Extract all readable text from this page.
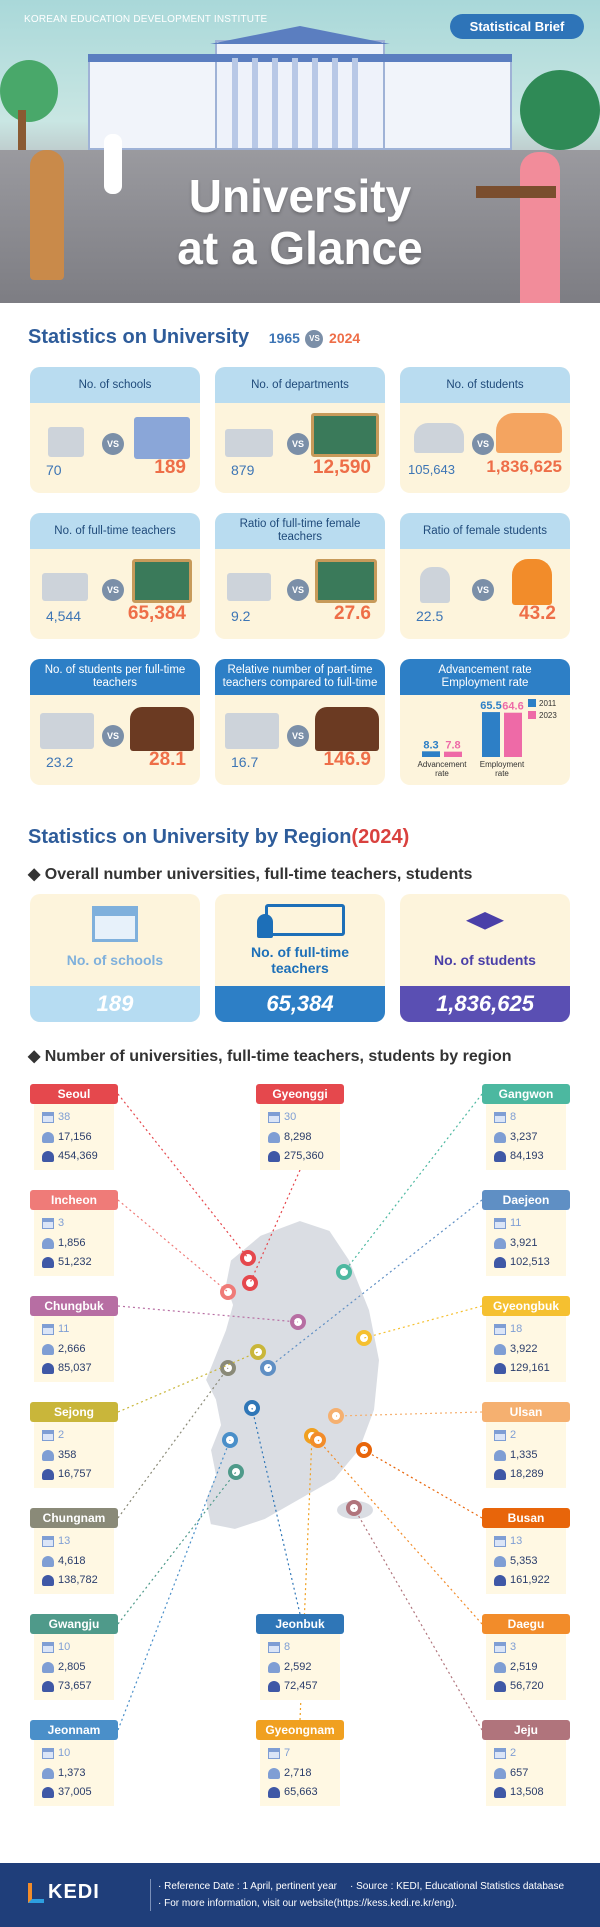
KOREAN EDUCATION DEVELOPMENT INSTITUTE	Statistical Brief
University
at a Glance
Statistics on University 1965 VS 2024
No. of schools
VS
70	189
No. of departments
VS
879	12,590
No. of students
VS
105,643 1,836,625
No. of full-time teachers
VS
4,544 65,384
Ratio of full-time female teachers
VS
9.2	27.6
Ratio of female students
VS
22.5	43.2
No. of students per full-time teachers
VS
23.2	28.1
Relative number of part-time teachers compared to full-time
VS
16.7	146.9
Advancement rate
Employment rate
8.3
65.5
7.8
64.6
Advancement
rate
Employment
rate
2011
2023
Statistics on University by Region(2024)
◆ Overall number universities, full-time teachers, students
No. of schools
189
No. of full-time teachers
65,384
No. of students
1,836,625
◆ Number of universities, full-time teachers, students by region
Seoul
38
17,156
454,369
Incheon
3
1,856
51,232
Chungbuk
11
2,666
85,037
Sejong
2
358
16,757
Chungnam
13
4,618
138,782
Gwangju
10
2,805
73,657
Jeonnam
10
1,373
37,005
Gyeonggi
30
8,298
275,360
Jeonbuk
8
2,592
72,457
Gyeongnam
7
2,718
65,663
Gangwon
8
3,237
84,193
Daejeon
11
3,921
102,513
Gyeongbuk
18
3,922
129,161
Ulsan
2
1,335
18,289
Busan
13
5,353
161,922
Daegu
3
2,519
56,720
Jeju
2
657
13,508
KEDI	· Reference Date : 1 April, pertinent year · Source : KEDI, Educational Statistics database
· For more information, visit our website(https://kess.kedi.re.kr/eng).
